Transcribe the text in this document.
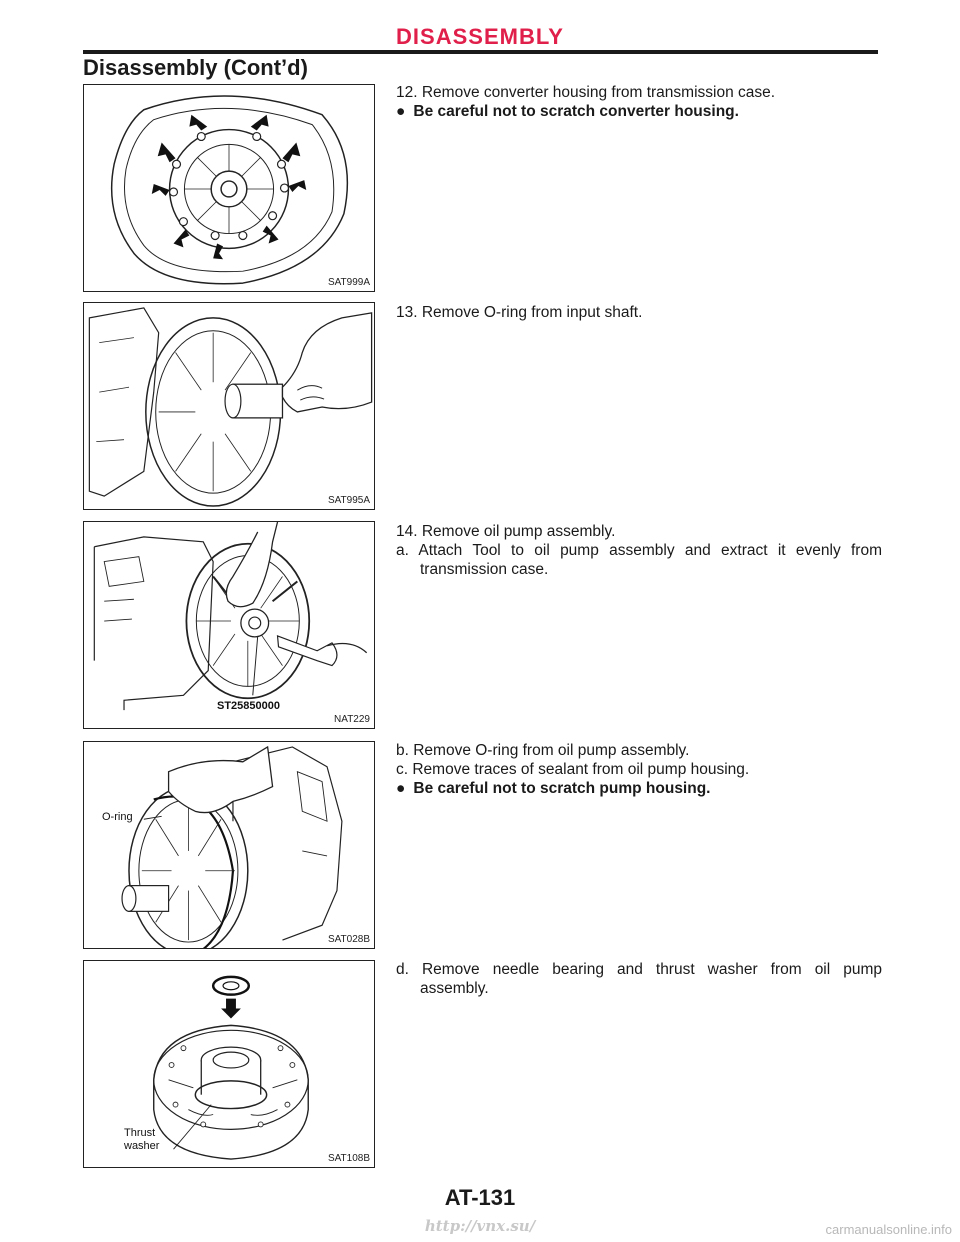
DISASSEMBLY
Disassembly (Cont’d)
SAT999A
12. Remove converter housing from transmission case.
● Be careful not to scratch converter housing.
SAT995A
13. Remove O-ring from input shaft.
ST25850000
NAT229
14. Remove oil pump assembly.
a. Attach Tool to oil pump assembly and extract it evenly from
transmission case.
O-ring
SAT028B
b. Remove O-ring from oil pump assembly.
c. Remove traces of sealant from oil pump housing.
● Be careful not to scratch pump housing.
Thrust
washer
SAT108B
d. Remove needle bearing and thrust washer from oil pump
assembly.
AT-131
http://vnx.su/	carmanualsonline.info
